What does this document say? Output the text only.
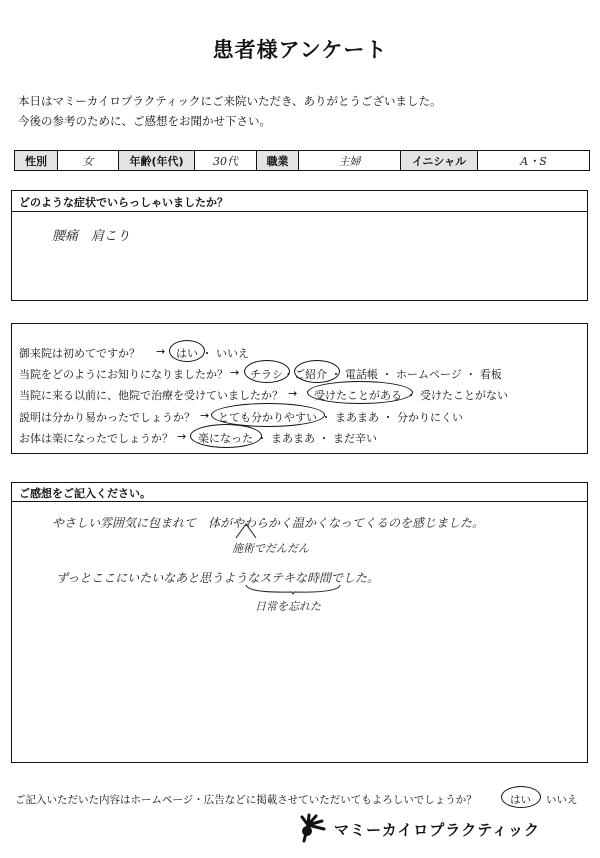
患者様アンケート
本日はマミーカイロプラクティックにご来院いただき、ありがとうございました。
今後の参考のために、ご感想をお聞かせ下さい。
性別	女	年齢(年代)	30代	職業	主婦	イニシャル	A・S
どのような症状でいらっしゃいましたか？
腰痛　肩こり
御来院は初めてですか？ → はい ・ いいえ
当院をどのようにお知りになりましたか？ → チラシ・ご紹介 ・ 電話帳 ・ ホームページ ・ 看板
当院に来る以前に、他院で治療を受けていましたか？ → 受けたことがある ・ 受けたことがない
説明は分かり易かったでしょうか？ → とても分かりやすい ・ まあまあ ・ 分かりにくい
お体は楽になったでしょうか？ → 楽になった ・ まあまあ ・ まだ辛い
ご感想をご記入ください。
やさしい雰囲気に包まれて　体がやわらかく温かくなってくるのを感じました。
施術でだんだん
ずっとここにいたいなあと思うようなステキな時間でした。
日常を忘れた
ご記入いただいた内容はホームページ・広告などに掲載させていただいてもよろしいでしょうか？	はい いいえ
マミーカイロプラクティック
